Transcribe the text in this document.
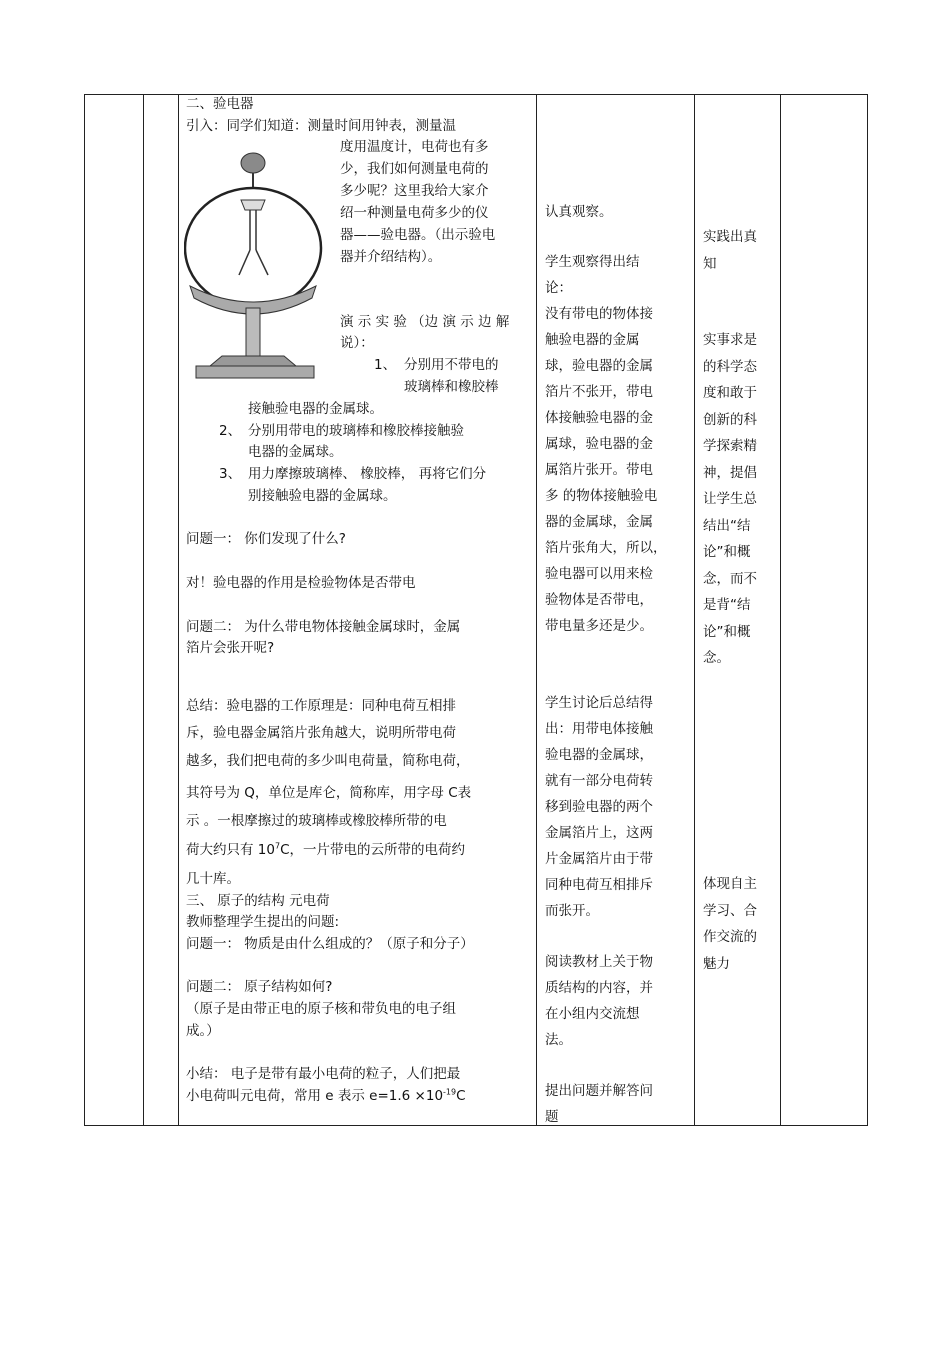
二、验电器
引入：同学们知道：测量时间用钟表，测量温
度用温度计，电荷也有多
少，我们如何测量电荷的
多少呢？这里我给大家介
绍一种测量电荷多少的仪
器——验电器。（出示验电
器并介绍结构）。
演 示 实 验 （边 演 示 边 解
说）：
1、 分别用不带电的
玻璃棒和橡胶棒
接触验电器的金属球。
2、 分别用带电的玻璃棒和橡胶棒接触验
电器的金属球。
3、 用力摩擦玻璃棒、 橡胶棒， 再将它们分
别接触验电器的金属球。
问题一： 你们发现了什么?
对！验电器的作用是检验物体是否带电
问题二： 为什么带电物体接触金属球时，金属
箔片会张开呢?
总结：验电器的工作原理是：同种电荷互相排
斥，验电器金属箔片张角越大，说明所带电荷
越多，我们把电荷的多少叫电荷量，简称电荷，
其符号为 Q，单位是库仑，简称库，用字母 C表
示 。一根摩擦过的玻璃棒或橡胶棒所带的电
荷大约只有 $10^7C$，一片带电的云所带的电荷约
几十库。
三、 原子的结构 元电荷
教师整理学生提出的问题:
问题一： 物质是由什么组成的？（原子和分子）
问题二： 原子结构如何?
（原子是由带正电的原子核和带负电的电子组
成。）
小结： 电子是带有最小电荷的粒子，人们把最
小电荷叫元电荷，常用 e 表示 $e=1.6 \times 10^{-19}C$
认真观察。
学生观察得出结
论：
没有带电的物体接
触验电器的金属
球，验电器的金属
箔片不张开，带电
体接触验电器的金
属球，验电器的金
属箔片张开。带电
多 的物体接触验电
器的金属球，金属
箔片张角大，所以，
验电器可以用来检
验物体是否带电，
带电量多还是少。
学生讨论后总结得
出：用带电体接触
验电器的金属球，
就有一部分电荷转
移到验电器的两个
金属箔片上，这两
片金属箔片由于带
同种电荷互相排斥
而张开。
阅读教材上关于物
质结构的内容，并
在小组内交流想
法。
提出问题并解答问
题
实践出真
知
实事求是
的科学态
度和敢于
创新的科
学探索精
神，提倡
让学生总
结出“结
论”和概
念，而不
是背“结
论”和概
念。
体现自主
学习、合
作交流的
魅力
